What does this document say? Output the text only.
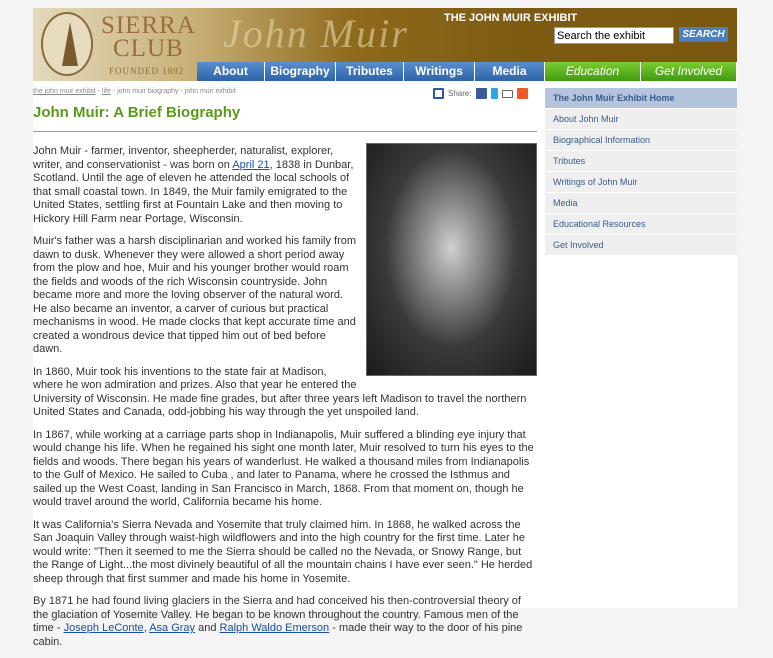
SIERRA
CLUB
FOUNDED 1892
John Muir	THE JOHN MUIR EXHIBIT
Search the exhibit
SEARCH
About	Biography	Tributes	Writings	Media	Education	Get Involved
the john muir exhibit - life - john muir biography - john muir exhibit	Share:
John Muir: A Brief Biography

John Muir - farmer, inventor, sheepherder, naturalist, explorer, writer, and conservationist - was born on April 21, 1838 in Dunbar, Scotland. Until the age of eleven he attended the local schools of that small coastal town. In 1849, the Muir family emigrated to the United States, settling first at Fountain Lake and then moving to Hickory Hill Farm near Portage, Wisconsin.

Muir's father was a harsh disciplinarian and worked his family from dawn to dusk. Whenever they were allowed a short period away from the plow and hoe, Muir and his younger brother would roam the fields and woods of the rich Wisconsin countryside. John became more and more the loving observer of the natural word. He also became an inventor, a carver of curious but practical mechanisms in wood. He made clocks that kept accurate time and created a wondrous device that tipped him out of bed before dawn.

In 1860, Muir took his inventions to the state fair at Madison, where he won admiration and prizes. Also that year he entered the University of Wisconsin. He made fine grades, but after three years left Madison to travel the northern United States and Canada, odd-jobbing his way through the yet unspoiled land.

In 1867, while working at a carriage parts shop in Indianapolis, Muir suffered a blinding eye injury that would change his life. When he regained his sight one month later, Muir resolved to turn his eyes to the fields and woods. There began his years of wanderlust. He walked a thousand miles from Indianapolis to the Gulf of Mexico. He sailed to Cuba , and later to Panama, where he crossed the Isthmus and sailed up the West Coast, landing in San Francisco in March, 1868. From that moment on, though he would travel around the world, California became his home.

It was California's Sierra Nevada and Yosemite that truly claimed him. In 1868, he walked across the San Joaquin Valley through waist-high wildflowers and into the high country for the first time. Later he would write: "Then it seemed to me the Sierra should be called no the Nevada, or Snowy Range, but the Range of Light...the most divinely beautiful of all the mountain chains I have ever seen." He herded sheep through that first summer and made his home in Yosemite.

By 1871 he had found living glaciers in the Sierra and had conceived his then-controversial theory of the glaciation of Yosemite Valley. He began to be known throughout the country. Famous men of the time - Joseph LeConte, Asa Gray and Ralph Waldo Emerson - made their way to the door of his pine cabin.

The John Muir Exhibit Home
About John Muir
Biographical Information
Tributes
Writings of John Muir
Media
Educational Resources
Get Involved
